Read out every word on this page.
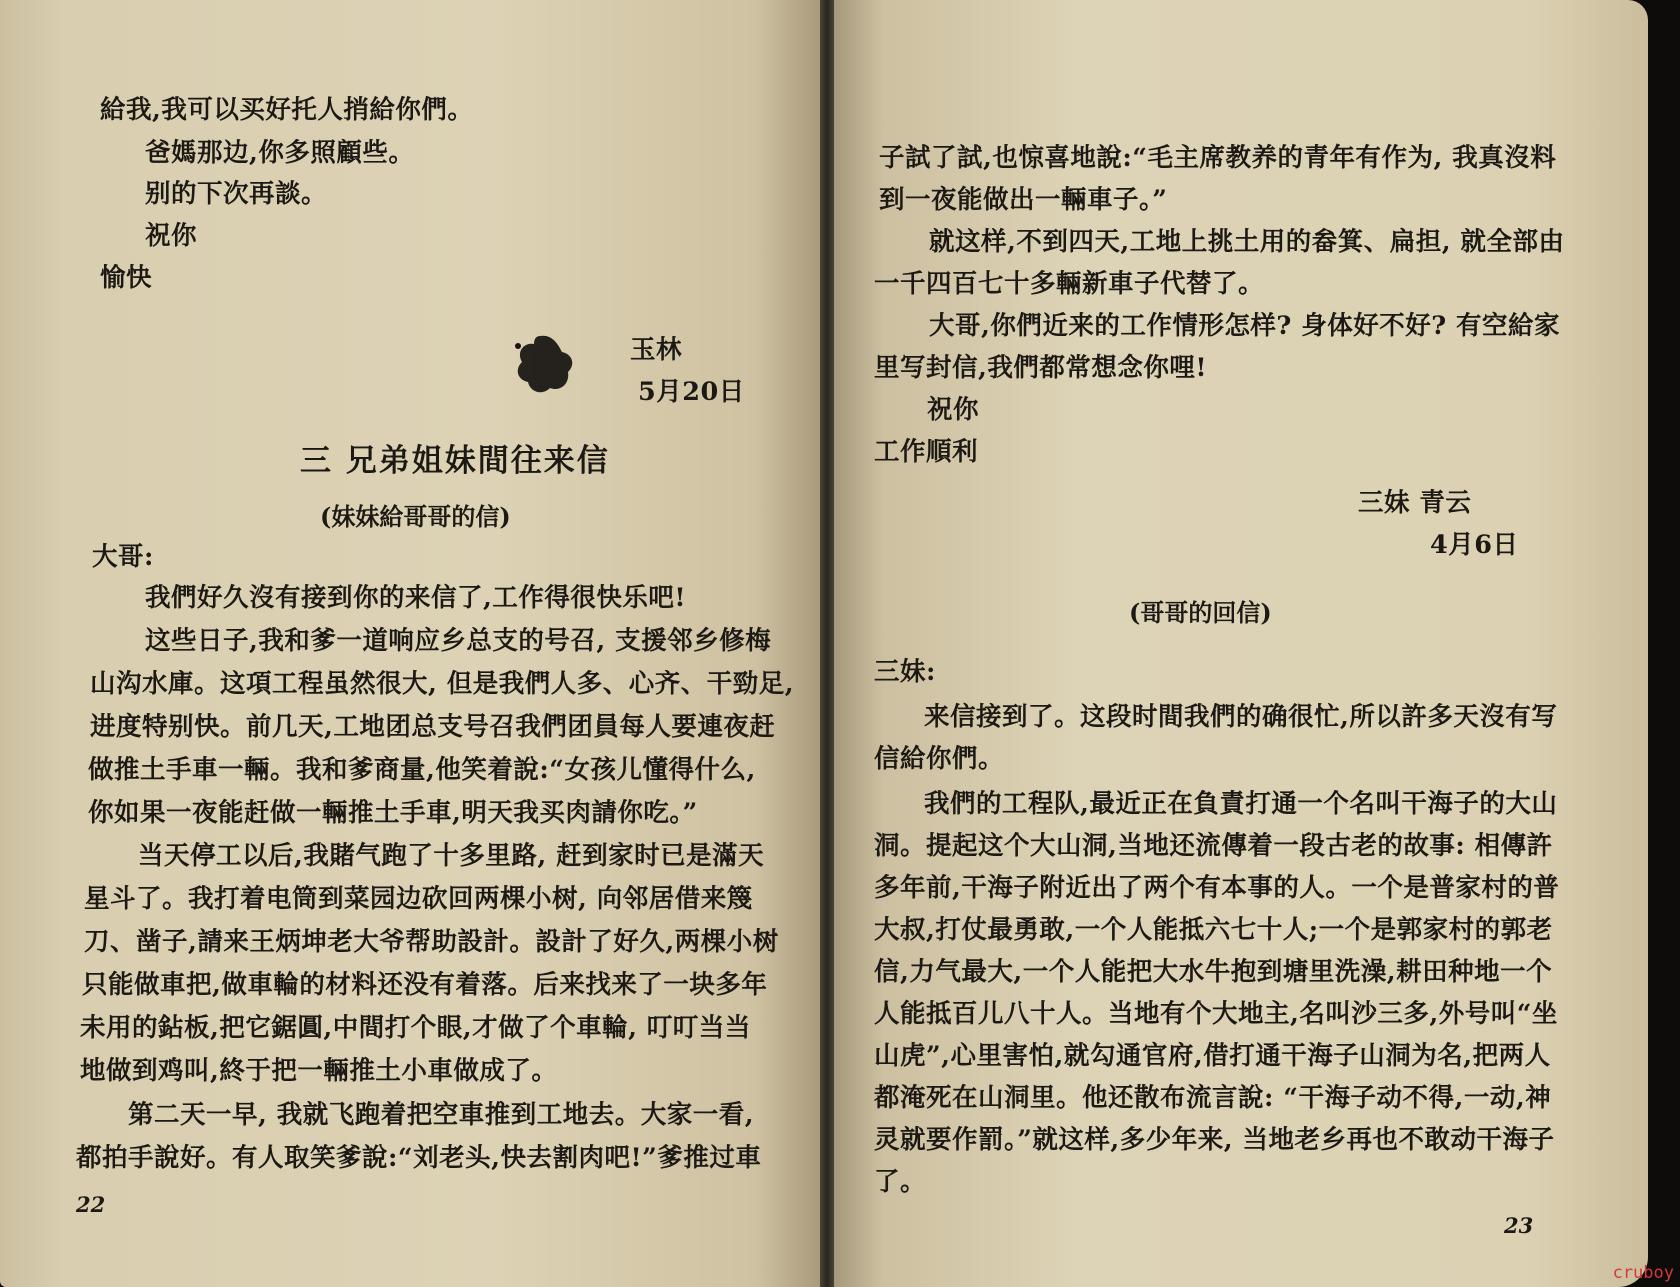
給我,我可以买好托人捎給你們。
爸媽那边,你多照顧些。
别的下次再談。
祝你
愉快
玉林
5月20日
三 兄弟姐妹間往来信
(妹妹給哥哥的信)
大哥:
我們好久沒有接到你的来信了,工作得很快乐吧!
这些日子,我和爹一道响应乡总支的号召, 支援邻乡修梅
山沟水庫。这項工程虽然很大, 但是我們人多、心齐、干勁足,
进度特别快。前几天,工地团总支号召我們团員每人要連夜赶
做推土手車一輛。我和爹商量,他笑着說:“女孩儿懂得什么,
你如果一夜能赶做一輛推土手車,明天我买肉請你吃。”
当天停工以后,我賭气跑了十多里路, 赶到家时已是滿天
星斗了。我打着电筒到菜园边砍回两棵小树, 向邻居借来篾
刀、凿子,請来王炳坤老大爷帮助設計。設計了好久,两棵小树
只能做車把,做車輪的材料还没有着落。后来找来了一块多年
未用的鉆板,把它鋸圓,中間打个眼,才做了个車輪, 叮叮当当
地做到鸡叫,終于把一輛推土小車做成了。
第二天一早, 我就飞跑着把空車推到工地去。大家一看,
都拍手說好。有人取笑爹說:“刘老头,快去割肉吧!”爹推过車
22
子試了試,也惊喜地說:“毛主席教养的青年有作为, 我真沒料
到一夜能做出一輛車子。”
就这样,不到四天,工地上挑土用的畚箕、扁担, 就全部由
一千四百七十多輛新車子代替了。
大哥,你們近来的工作情形怎样? 身体好不好? 有空給家
里写封信,我們都常想念你哩!
祝你
工作順利
三妹 青云
4月6日
(哥哥的回信)
三妹:
来信接到了。这段时間我們的确很忙,所以許多天沒有写
信給你們。
我們的工程队,最近正在負責打通一个名叫干海子的大山
洞。提起这个大山洞,当地还流傳着一段古老的故事: 相傳許
多年前,干海子附近出了两个有本事的人。一个是普家村的普
大叔,打仗最勇敢,一个人能抵六七十人;一个是郭家村的郭老
信,力气最大,一个人能把大水牛抱到塘里洗澡,耕田种地一个
人能抵百儿八十人。当地有个大地主,名叫沙三多,外号叫“坐
山虎”,心里害怕,就勾通官府,借打通干海子山洞为名,把两人
都淹死在山洞里。他还散布流言說: “干海子动不得,一动,神
灵就要作罰。”就这样,多少年来, 当地老乡再也不敢动干海子
了。
23
cruboy
